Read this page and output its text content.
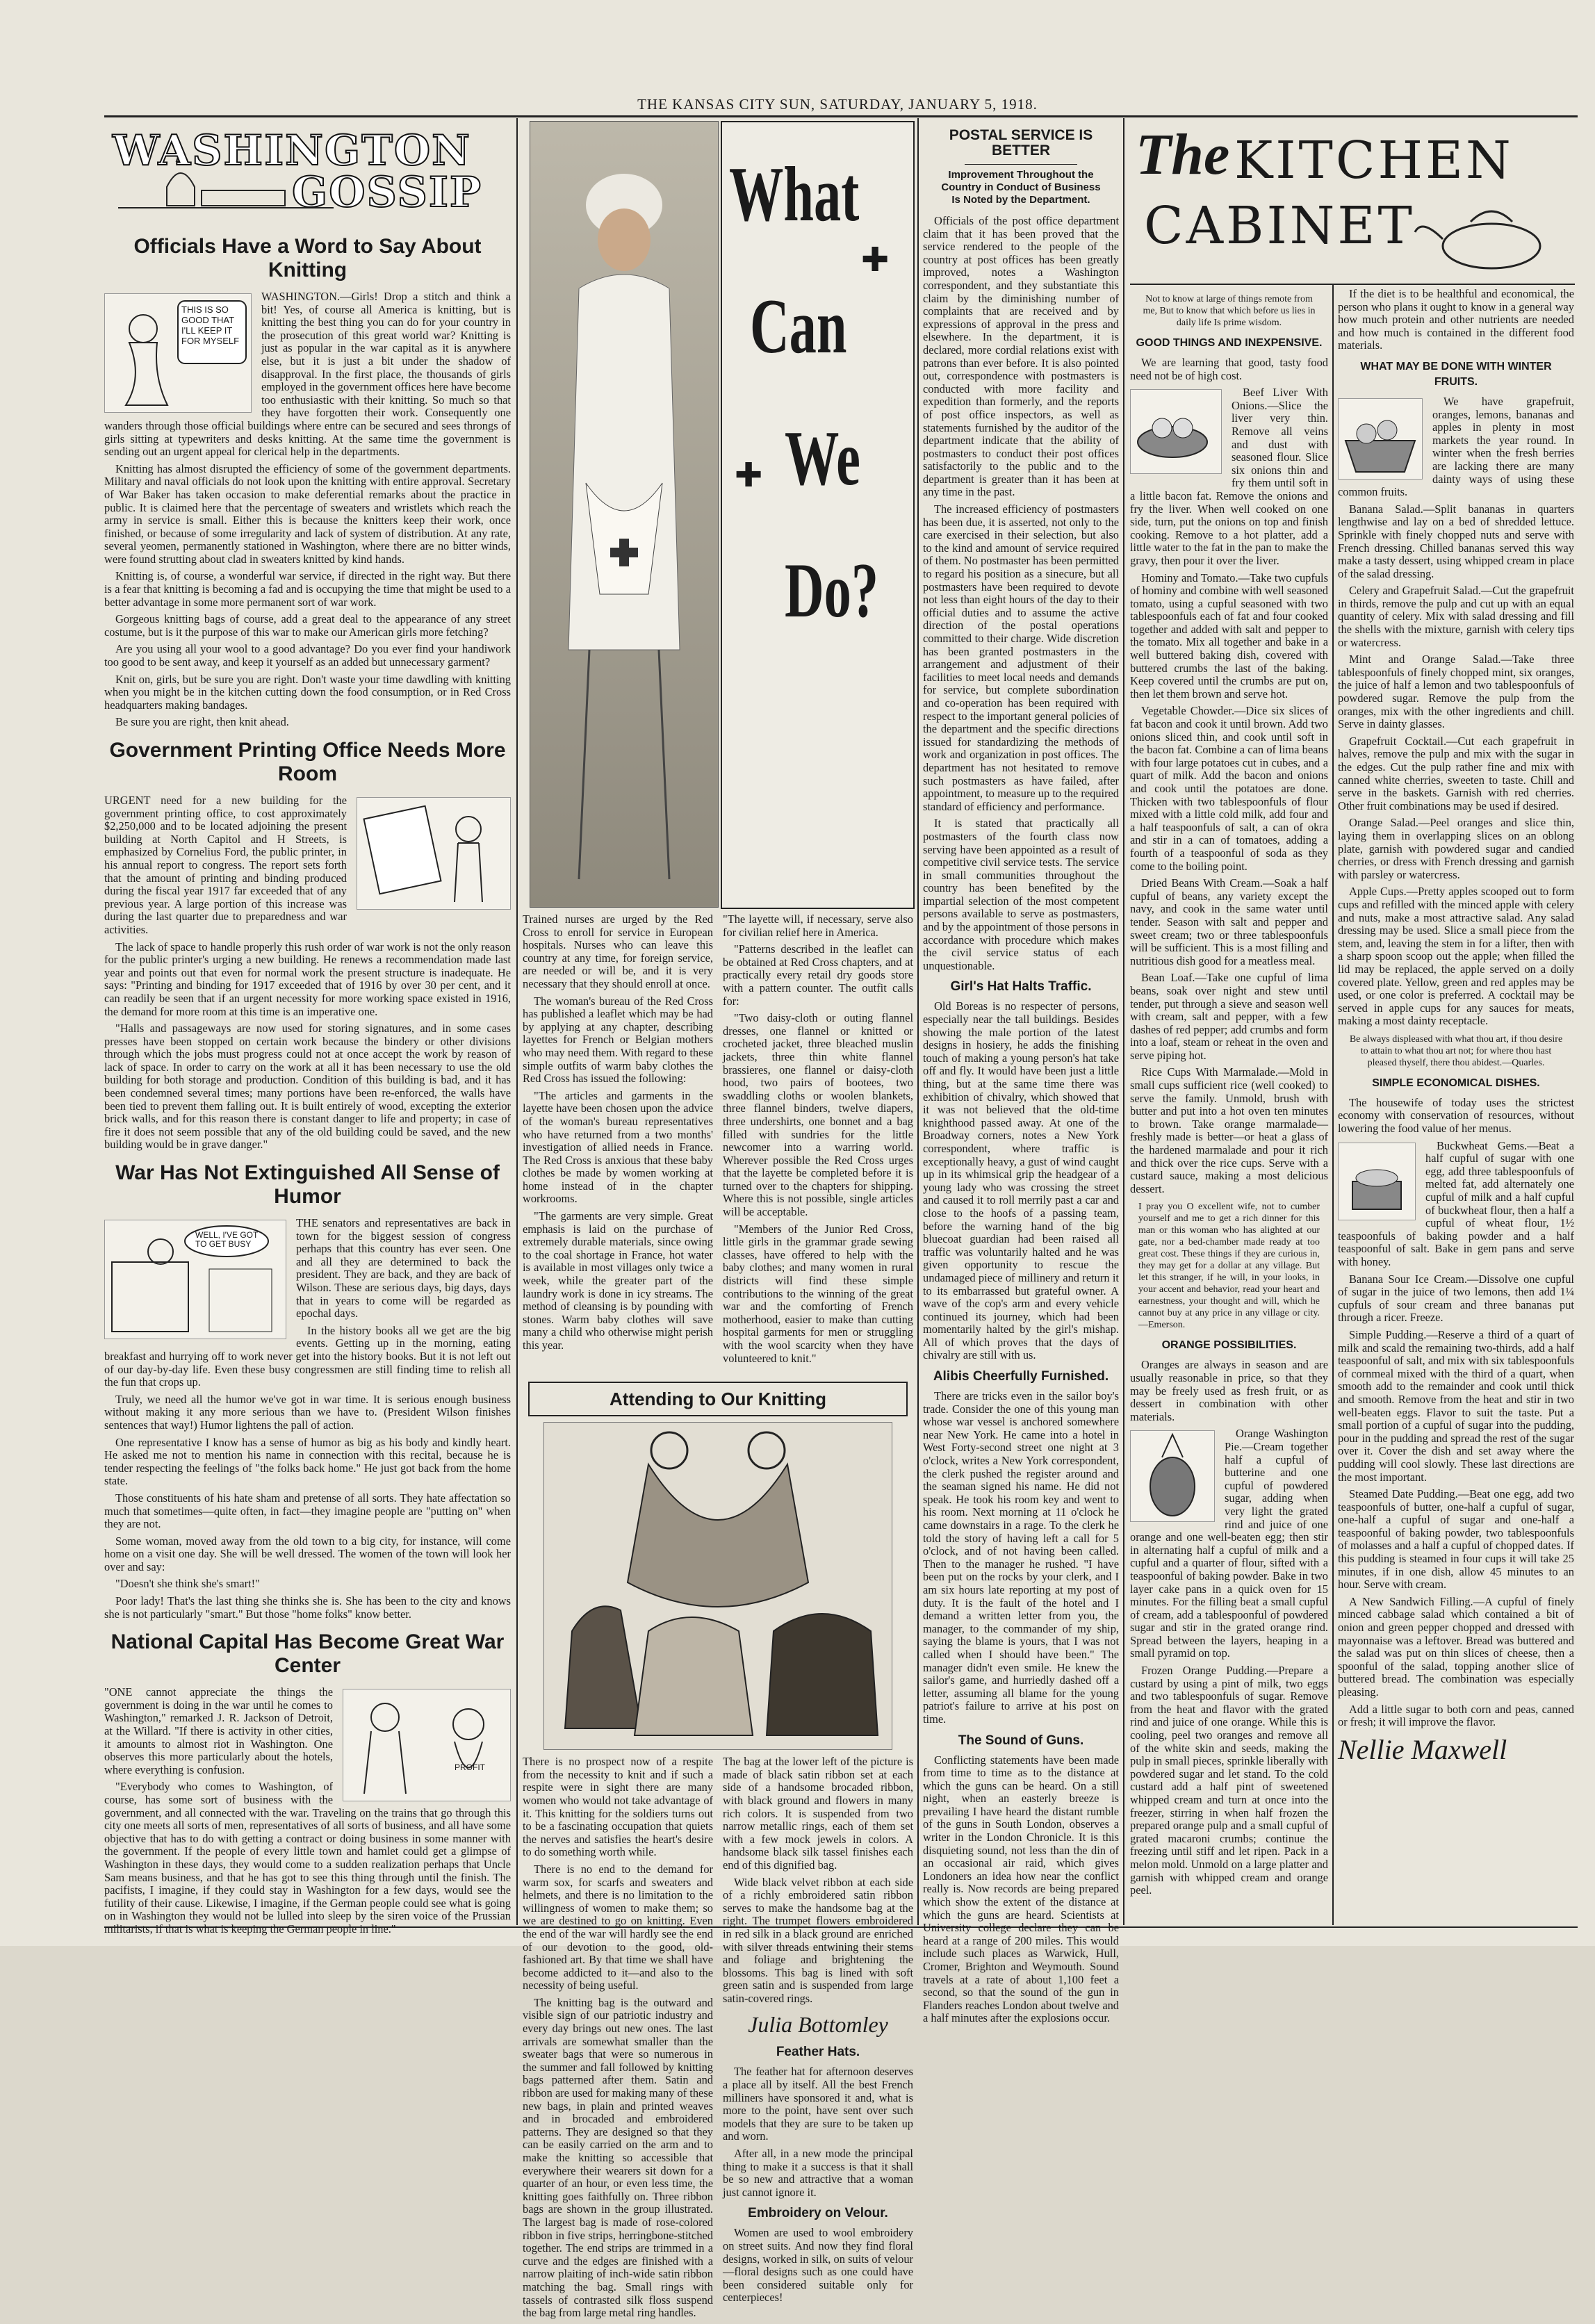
THE KANSAS CITY SUN, SATURDAY, JANUARY 5, 1918.
WASHINGTON
GOSSIP
Officials Have a Word to Say About Knitting
THIS IS SO GOOD THAT I'LL KEEP IT FOR MYSELF

WASHINGTON.—Girls! Drop a stitch and think a bit! Yes, of course all America is knitting, but is knitting the best thing you can do for your country in the prosecution of this great world war? Knitting is just as popular in the war capital as it is anywhere else, but it is just a bit under the shadow of disapproval. In the first place, the thousands of girls employed in the government offices here have become too enthusiastic with their knitting. So much so that they have forgotten their work. Consequently one wanders through those official buildings where entre can be secured and sees throngs of girls sitting at typewriters and desks knitting. At the same time the government is sending out an urgent appeal for clerical help in the departments.

Knitting has almost disrupted the efficiency of some of the government departments. Military and naval officials do not look upon the knitting with entire approval. Secretary of War Baker has taken occasion to make deferential remarks about the practice in public. It is claimed here that the percentage of sweaters and wristlets which reach the army in service is small. Either this is because the knitters keep their work, once finished, or because of some irregularity and lack of system of distribution. At any rate, several yeomen, permanently stationed in Washington, where there are no bitter winds, were found strutting about clad in sweaters knitted by kind hands.

Knitting is, of course, a wonderful war service, if directed in the right way. But there is a fear that knitting is becoming a fad and is occupying the time that might be used to a better advantage in some more permanent sort of war work.

Gorgeous knitting bags of course, add a great deal to the appearance of any street costume, but is it the purpose of this war to make our American girls more fetching?

Are you using all your wool to a good advantage? Do you ever find your handiwork too good to be sent away, and keep it yourself as an added but unnecessary garment?

Knit on, girls, but be sure you are right. Don't waste your time dawdling with knitting when you might be in the kitchen cutting down the food consumption, or in Red Cross headquarters making bandages.

Be sure you are right, then knit ahead.

Government Printing Office Needs More Room

URGENT need for a new building for the government printing office, to cost approximately $2,250,000 and to be located adjoining the present building at North Capitol and H Streets, is emphasized by Cornelius Ford, the public printer, in his annual report to congress. The report sets forth that the amount of printing and binding produced during the fiscal year 1917 far exceeded that of any previous year. A large portion of this increase was during the last quarter due to preparedness and war activities.

The lack of space to handle properly this rush order of war work is not the only reason for the public printer's urging a new building. He renews a recommendation made last year and points out that even for normal work the present structure is inadequate. He says: "Printing and binding for 1917 exceeded that of 1916 by over 30 per cent, and it can readily be seen that if an urgent necessity for more working space existed in 1916, the demand for more room at this time is an imperative one.

"Halls and passageways are now used for storing signatures, and in some cases presses have been stopped on certain work because the bindery or other divisions through which the jobs must progress could not at once accept the work by reason of lack of space. In order to carry on the work at all it has been necessary to use the old building for both storage and production. Condition of this building is bad, and it has been condemned several times; many portions have been re-enforced, the walls have been tied to prevent them falling out. It is built entirely of wood, excepting the exterior brick walls, and for this reason there is constant danger to life and property; in case of fire it does not seem possible that any of the old building could be saved, and the new building would be in grave danger."

War Has Not Extinguished All Sense of Humor
WELL, I'VE GOT TO GET BUSY

THE senators and representatives are back in town for the biggest session of congress perhaps that this country has ever seen. One and all they are determined to back the president. They are back, and they are back of Wilson. These are serious days, big days, days that in years to come will be regarded as epochal days.

In the history books all we get are the big events. Getting up in the morning, eating breakfast and hurrying off to work never get into the history books. But it is not left out of our day-by-day life. Even these busy congressmen are still finding time to relish all the fun that crops up.

Truly, we need all the humor we've got in war time. It is serious enough business without making it any more serious than we have to. (President Wilson finishes sentences that way!) Humor lightens the pall of action.

One representative I know has a sense of humor as big as his body and kindly heart. He asked me not to mention his name in connection with this recital, because he is tender respecting the feelings of "the folks back home." He just got back from the home state.

Those constituents of his hate sham and pretense of all sorts. They hate affectation so much that sometimes—quite often, in fact—they imagine people are "putting on" when they are not.

Some woman, moved away from the old town to a big city, for instance, will come home on a visit one day. She will be well dressed. The women of the town will look her over and say:

"Doesn't she think she's smart!"

Poor lady! That's the last thing she thinks she is. She has been to the city and knows she is not particularly "smart." But those "home folks" know better.

National Capital Has Become Great War Center
PROFIT

"ONE cannot appreciate the things the government is doing in the war until he comes to Washington," remarked J. R. Jackson of Detroit, at the Willard. "If there is activity in other cities, it amounts to almost riot in Washington. One observes this more particularly about the hotels, where everything is confusion.

"Everybody who comes to Washington, of course, has some sort of business with the government, and all connected with the war. Traveling on the trains that go through this city one meets all sorts of men, representatives of all sorts of business, and all have some objective that has to do with getting a contract or doing business in some manner with the government. If the people of every little town and hamlet could get a glimpse of Washington in these days, they would come to a sudden realization perhaps that Uncle Sam means business, and that he has got to see this thing through until the finish. The pacifists, I imagine, if they could stay in Washington for a few days, would see the futility of their cause. Likewise, I imagine, if the German people could see what is going on in Washington they would not be lulled into sleep by the siren voice of the Prussian militarists, if that is what is keeping the German people in line."

What
Can
We
Do?
✚
✚

Trained nurses are urged by the Red Cross to enroll for service in European hospitals. Nurses who can leave this country at any time, for foreign service, are needed or will be, and it is very necessary that they should enroll at once.

The woman's bureau of the Red Cross has published a leaflet which may be had by applying at any chapter, describing layettes for French or Belgian mothers who may need them. With regard to these simple outfits of warm baby clothes the Red Cross has issued the following:

"The articles and garments in the layette have been chosen upon the advice of the woman's bureau representatives who have returned from a two months' investigation of allied needs in France. The Red Cross is anxious that these baby clothes be made by women working at home instead of in the chapter workrooms.

"The garments are very simple. Great emphasis is laid on the purchase of extremely durable materials, since owing to the coal shortage in France, hot water is available in most villages only twice a week, while the greater part of the laundry work is done in icy streams. The method of cleansing is by pounding with stones. Warm baby clothes will save many a child who otherwise might perish this year.

"The layette will, if necessary, serve also for civilian relief here in America.

"Patterns described in the leaflet can be obtained at Red Cross chapters, and at practically every retail dry goods store with a pattern counter. The outfit calls for:

"Two daisy-cloth or outing flannel dresses, one flannel or knitted or crocheted jacket, three bleached muslin jackets, three thin white flannel brassieres, one flannel or daisy-cloth hood, two pairs of bootees, two swaddling cloths or woolen blankets, three flannel binders, twelve diapers, three undershirts, one bonnet and a bag filled with sundries for the little newcomer into a warring world. Wherever possible the Red Cross urges that the layette be completed before it is turned over to the chapters for shipping. Where this is not possible, single articles will be acceptable.

"Members of the Junior Red Cross, little girls in the grammar grade sewing classes, have offered to help with the baby clothes; and many women in rural districts will find these simple contributions to the winning of the great war and the comforting of French motherhood, easier to make than cutting hospital garments for men or struggling with the wool scarcity when they have volunteered to knit."

Attending to Our Knitting

There is no prospect now of a respite from the necessity to knit and if such a respite were in sight there are many women who would not take advantage of it. This knitting for the soldiers turns out to be a fascinating occupation that quiets the nerves and satisfies the heart's desire to do something worth while.

There is no end to the demand for warm sox, for scarfs and sweaters and helmets, and there is no limitation to the willingness of women to make them; so we are destined to go on knitting. Even the end of the war will hardly see the end of our devotion to the good, old-fashioned art. By that time we shall have become addicted to it—and also to the necessity of being useful.

The knitting bag is the outward and visible sign of our patriotic industry and every day brings out new ones. The last arrivals are somewhat smaller than the sweater bags that were so numerous in the summer and fall followed by knitting bags patterned after them. Satin and ribbon are used for making many of these new bags, in plain and printed weaves and in brocaded and embroidered patterns. They are designed so that they can be easily carried on the arm and to make the knitting so accessible that everywhere their wearers sit down for a quarter of an hour, or even less time, the knitting goes faithfully on. Three ribbon bags are shown in the group illustrated. The largest bag is made of rose-colored ribbon in five strips, herringbone-stitched together. The end strips are trimmed in a curve and the edges are finished with a narrow plaiting of inch-wide satin ribbon matching the bag. Small rings with tassels of contrasted silk floss suspend the bag from large metal ring handles.

The bag at the lower left of the picture is made of black satin ribbon set at each side of a handsome brocaded ribbon, with black ground and flowers in many rich colors. It is suspended from two narrow metallic rings, each of them set with a few mock jewels in colors. A handsome black silk tassel finishes each end of this dignified bag.

Wide black velvet ribbon at each side of a richly embroidered satin ribbon serves to make the handsome bag at the right. The trumpet flowers embroidered in red silk in a black ground are enriched with silver threads entwining their stems and foliage and brightening the blossoms. This bag is lined with soft green satin and is suspended from large satin-covered rings.

Julia Bottomley
Feather Hats.

The feather hat for afternoon deserves a place all by itself. All the best French milliners have sponsored it and, what is more to the point, have sent over such models that they are sure to be taken up and worn.

After all, in a new mode the principal thing to make it a success is that it shall be so new and attractive that a woman just cannot ignore it.

Embroidery on Velour.

Women are used to wool embroidery on street suits. And now they find floral designs, worked in silk, on suits of velour—floral designs such as one could have been considered suitable only for centerpieces!

POSTAL SERVICE IS BETTER
Improvement Throughout the Country in Conduct of Business Is Noted by the Department.

Officials of the post office department claim that it has been proved that the service rendered to the people of the country at post offices has been greatly improved, notes a Washington correspondent, and they substantiate this claim by the diminishing number of complaints that are received and by expressions of approval in the press and elsewhere. In the department, it is declared, more cordial relations exist with patrons than ever before. It is also pointed out, correspondence with postmasters is conducted with more facility and expedition than formerly, and the reports of post office inspectors, as well as statements furnished by the auditor of the department indicate that the ability of postmasters to conduct their post offices satisfactorily to the public and to the department is greater than it has been at any time in the past.

The increased efficiency of postmasters has been due, it is asserted, not only to the care exercised in their selection, but also to the kind and amount of service required of them. No postmaster has been permitted to regard his position as a sinecure, but all postmasters have been required to devote not less than eight hours of the day to their official duties and to assume the active direction of the postal operations committed to their charge. Wide discretion has been granted postmasters in the arrangement and adjustment of their facilities to meet local needs and demands for service, but complete subordination and co-operation has been required with respect to the important general policies of the department and the specific directions issued for standardizing the methods of work and organization in post offices. The department has not hesitated to remove such postmasters as have failed, after appointment, to measure up to the required standard of efficiency and performance.

It is stated that practically all postmasters of the fourth class now serving have been appointed as a result of competitive civil service tests. The service in small communities throughout the country has been benefited by the impartial selection of the most competent persons available to serve as postmasters, and by the appointment of those persons in accordance with procedure which makes the civil service status of each unquestionable.

Girl's Hat Halts Traffic.

Old Boreas is no respecter of persons, especially near the tall buildings. Besides showing the male portion of the latest designs in hosiery, he adds the finishing touch of making a young person's hat take off and fly. It would have been just a little thing, but at the same time there was exhibition of chivalry, which showed that it was not believed that the old-time knighthood passed away. At one of the Broadway corners, notes a New York correspondent, where traffic is exceptionally heavy, a gust of wind caught up in its whimsical grip the headgear of a young lady who was crossing the street and caused it to roll merrily past a car and close to the hoofs of a passing team, before the warning hand of the big bluecoat guardian had been raised all traffic was voluntarily halted and he was given opportunity to rescue the undamaged piece of millinery and return it to its embarrassed but grateful owner. A wave of the cop's arm and every vehicle continued its journey, which had been momentarily halted by the girl's mishap. All of which proves that the days of chivalry are still with us.

Alibis Cheerfully Furnished.

There are tricks even in the sailor boy's trade. Consider the one of this young man whose war vessel is anchored somewhere near New York. He came into a hotel in West Forty-second street one night at 3 o'clock, writes a New York correspondent, the clerk pushed the register around and the seaman signed his name. He did not speak. He took his room key and went to his room. Next morning at 11 o'clock he came downstairs in a rage. To the clerk he told the story of having left a call for 5 o'clock, and of not having been called. Then to the manager he rushed. "I have been put on the rocks by your clerk, and I am six hours late reporting at my post of duty. It is the fault of the hotel and I demand a written letter from you, the manager, to the commander of my ship, saying the blame is yours, that I was not called when I should have been." The manager didn't even smile. He knew the sailor's game, and hurriedly dashed off a letter, assuming all blame for the young patriot's failure to arrive at his post on time.

The Sound of Guns.

Conflicting statements have been made from time to time as to the distance at which the guns can be heard. On a still night, when an easterly breeze is prevailing I have heard the distant rumble of the guns in South London, observes a writer in the London Chronicle. It is this disquieting sound, not less than the din of an occasional air raid, which gives Londoners an idea how near the conflict really is. Now records are being prepared which show the extent of the distance at which the guns are heard. Scientists at University college declare they can be heard at a range of 200 miles. This would include such places as Warwick, Hull, Cromer, Brighton and Weymouth. Sound travels at a rate of about 1,100 feet a second, so that the sound of the gun in Flanders reaches London about twelve and a half minutes after the explosions occur.

The KITCHEN
CABINET
Not to know at large of things remote from me, But to know that which before us lies in daily life Is prime wisdom.
GOOD THINGS AND INEXPENSIVE.

We are learning that good, tasty food need not be of high cost.

Beef Liver With Onions.—Slice the liver very thin. Remove all veins and dust with seasoned flour. Slice six onions thin and fry them until soft in a little bacon fat. Remove the onions and fry the liver. When well cooked on one side, turn, put the onions on top and finish cooking. Remove to a hot platter, add a little water to the fat in the pan to make the gravy, then pour it over the liver.

Hominy and Tomato.—Take two cupfuls of hominy and combine with well seasoned tomato, using a cupful seasoned with two tablespoonfuls each of fat and four cooked together and added with salt and pepper to the tomato. Mix all together and bake in a well buttered baking dish, covered with buttered crumbs the last of the baking. Keep covered until the crumbs are put on, then let them brown and serve hot.

Vegetable Chowder.—Dice six slices of fat bacon and cook it until brown. Add two onions sliced thin, and cook until soft in the bacon fat. Combine a can of lima beans with four large potatoes cut in cubes, and a quart of milk. Add the bacon and onions and cook until the potatoes are done. Thicken with two tablespoonfuls of flour mixed with a little cold milk, add four and a half teaspoonfuls of salt, a can of okra and stir in a can of tomatoes, adding a fourth of a teaspoonful of soda as they come to the boiling point.

Dried Beans With Cream.—Soak a half cupful of beans, any variety except the navy, and cook in the same water until tender. Season with salt and pepper and sweet cream; two or three tablespoonfuls will be sufficient. This is a most filling and nutritious dish good for a meatless meal.

Bean Loaf.—Take one cupful of lima beans, soak over night and stew until tender, put through a sieve and season well with cream, salt and pepper, with a few dashes of red pepper; add crumbs and form into a loaf, steam or reheat in the oven and serve piping hot.

Rice Cups With Marmalade.—Mold in small cups sufficient rice (well cooked) to serve the family. Unmold, brush with butter and put into a hot oven ten minutes to brown. Take orange marmalade—freshly made is better—or heat a glass of the hardened marmalade and pour it rich and thick over the rice cups. Serve with a custard sauce, making a most delicious dessert.

I pray you O excellent wife, not to cumber yourself and me to get a rich dinner for this man or this woman who has alighted at our gate, nor a bed-chamber made ready at too great cost. These things if they are curious in, they may get for a dollar at any village. But let this stranger, if he will, in your looks, in your accent and behavior, read your heart and earnestness, your thought and will, which he cannot buy at any price in any village or city.—Emerson.
ORANGE POSSIBILITIES.

Oranges are always in season and are usually reasonable in price, so that they may be freely used as fresh fruit, or as dessert in combination with other materials.

Orange Washington Pie.—Cream together half a cupful of butterine and one cupful of powdered sugar, adding when very light the grated rind and juice of one orange and one well-beaten egg; then stir in alternating half a cupful of milk and a cupful and a quarter of flour, sifted with a teaspoonful of baking powder. Bake in two layer cake pans in a quick oven for 15 minutes. For the filling beat a small cupful of cream, add a tablespoonful of powdered sugar and stir in the grated orange rind. Spread between the layers, heaping in a small pyramid on top.

Frozen Orange Pudding.—Prepare a custard by using a pint of milk, two eggs and two tablespoonfuls of sugar. Remove from the heat and flavor with the grated rind and juice of one orange. While this is cooling, peel two oranges and remove all of the white skin and seeds, making the pulp in small pieces, sprinkle liberally with powdered sugar and let stand. To the cold custard add a half pint of sweetened whipped cream and turn at once into the freezer, stirring in when half frozen the prepared orange pulp and a small cupful of grated macaroni crumbs; continue the freezing until stiff and let ripen. Pack in a melon mold. Unmold on a large platter and garnish with whipped cream and orange peel.

If the diet is to be healthful and economical, the person who plans it ought to know in a general way how much protein and other nutrients are needed and how much is contained in the different food materials.

WHAT MAY BE DONE WITH WINTER FRUITS.

We have grapefruit, oranges, lemons, bananas and apples in plenty in most markets the year round. In winter when the fresh berries are lacking there are many dainty ways of using these common fruits.

Banana Salad.—Split bananas in quarters lengthwise and lay on a bed of shredded lettuce. Sprinkle with finely chopped nuts and serve with French dressing. Chilled bananas served this way make a tasty dessert, using whipped cream in place of the salad dressing.

Celery and Grapefruit Salad.—Cut the grapefruit in thirds, remove the pulp and cut up with an equal quantity of celery. Mix with salad dressing and fill the shells with the mixture, garnish with celery tips or watercress.

Mint and Orange Salad.—Take three tablespoonfuls of finely chopped mint, six oranges, the juice of half a lemon and two tablespoonfuls of powdered sugar. Remove the pulp from the oranges, mix with the other ingredients and chill. Serve in dainty glasses.

Grapefruit Cocktail.—Cut each grapefruit in halves, remove the pulp and mix with the sugar in the edges. Cut the pulp rather fine and mix with canned white cherries, sweeten to taste. Chill and serve in the baskets. Garnish with red cherries. Other fruit combinations may be used if desired.

Orange Salad.—Peel oranges and slice thin, laying them in overlapping slices on an oblong plate, garnish with powdered sugar and candied cherries, or dress with French dressing and garnish with parsley or watercress.

Apple Cups.—Pretty apples scooped out to form cups and refilled with the minced apple with celery and nuts, make a most attractive salad. Any salad dressing may be used. Slice a small piece from the stem, and, leaving the stem in for a lifter, then with a sharp spoon scoop out the apple; when filled the lid may be replaced, the apple served on a doily covered plate. Yellow, green and red apples may be used, or one color is preferred. A cocktail may be served in apple cups for any sauces for meats, making a most dainty receptacle.

Be always displeased with what thou art, if thou desire to attain to what thou art not; for where thou hast pleased thyself, there thou abidest.—Quarles.
SIMPLE ECONOMICAL DISHES.

The housewife of today uses the strictest economy with conservation of resources, without lowering the food value of her menus.

Buckwheat Gems.—Beat a half cupful of sugar with one egg, add three tablespoonfuls of melted fat, add alternately one cupful of milk and a half cupful of buckwheat flour, then a half a cupful of wheat flour, 1½ teaspoonfuls of baking powder and a half teaspoonful of salt. Bake in gem pans and serve with honey.

Banana Sour Ice Cream.—Dissolve one cupful of sugar in the juice of two lemons, then add 1¼ cupfuls of sour cream and three bananas put through a ricer. Freeze.

Simple Pudding.—Reserve a third of a quart of milk and scald the remaining two-thirds, add a half teaspoonful of salt, and mix with six tablespoonfuls of cornmeal mixed with the third of a quart, when smooth add to the remainder and cook until thick and smooth. Remove from the heat and stir in two well-beaten eggs. Flavor to suit the taste. Put a small portion of a cupful of sugar into the pudding, pour in the pudding and spread the rest of the sugar over it. Cover the dish and set away where the pudding will cool slowly. These last directions are the most important.

Steamed Date Pudding.—Beat one egg, add two teaspoonfuls of butter, one-half a cupful of sugar, one-half a cupful of sugar and one-half a teaspoonful of baking powder, two tablespoonfuls of molasses and a half a cupful of chopped dates. If this pudding is steamed in four cups it will take 25 minutes, if in one dish, allow 45 minutes to an hour. Serve with cream.

A New Sandwich Filling.—A cupful of finely minced cabbage salad which contained a bit of onion and green pepper chopped and dressed with mayonnaise was a leftover. Bread was buttered and the salad was put on thin slices of cheese, then a spoonful of the salad, topping another slice of buttered bread. The combination was especially pleasing.

Add a little sugar to both corn and peas, canned or fresh; it will improve the flavor.

Nellie Maxwell
